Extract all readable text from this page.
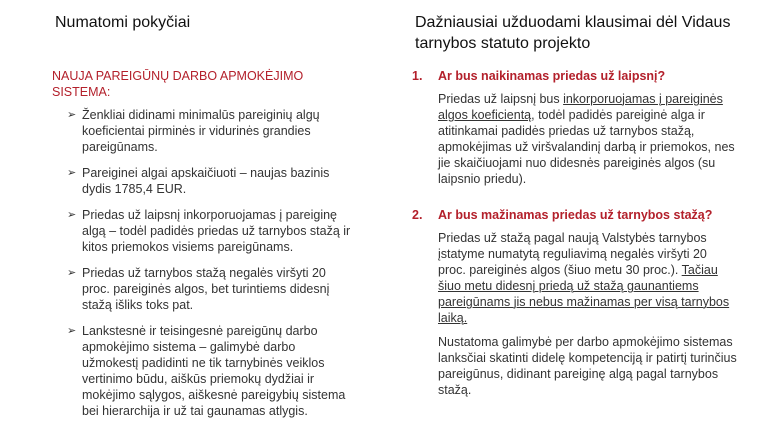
Numatomi pokyčiai
NAUJA PAREIGŪNŲ DARBO APMOKĖJIMO SISTEMA:
➢ Ženkliai didinami minimalūs pareiginių algų koeficientai pirminės ir vidurinės grandies pareigūnams.
➢ Pareiginei algai apskaičiuoti – naujas bazinis dydis 1785,4 EUR.
➢ Priedas už laipsnį inkorporuojamas į pareiginę algą – todėl padidės priedas už tarnybos stažą ir kitos priemokos visiems pareigūnams.
➢ Priedas už tarnybos stažą negalės viršyti 20 proc. pareiginės algos, bet turintiems didesnį stažą išliks toks pat.
➢ Lankstesnė ir teisingesnė pareigūnų darbo apmokėjimo sistema – galimybė darbo užmokestį padidinti ne tik tarnybinės veiklos vertinimo būdu, aiškūs priemokų dydžiai ir mokėjimo sąlygos, aiškesnė pareigybių sistema bei hierarchija ir už tai gaunamas atlygis.
Dažniausiai užduodami klausimai dėl Vidaus tarnybos statuto projekto
1.	Ar bus naikinamas priedas už laipsnį?

Priedas už laipsnį bus inkorporuojamas į pareiginės algos koeficientą, todėl padidės pareiginė alga ir atitinkamai padidės priedas už tarnybos stažą, apmokėjimas už viršvalandinį darbą ir priemokos, nes jie skaičiuojami nuo didesnės pareiginės algos (su laipsnio priedu).

2.	Ar bus mažinamas priedas už tarnybos stažą?

Priedas už stažą pagal naują Valstybės tarnybos įstatyme numatytą reguliavimą negalės viršyti 20 proc. pareiginės algos (šiuo metu 30 proc.). Tačiau šiuo metu didesnį priedą už stažą gaunantiems pareigūnams jis nebus mažinamas per visą tarnybos laiką.

Nustatoma galimybė per darbo apmokėjimo sistemas lanksčiai skatinti didelę kompetenciją ir patirtį turinčius pareigūnus, didinant pareiginę algą pagal tarnybos stažą.
